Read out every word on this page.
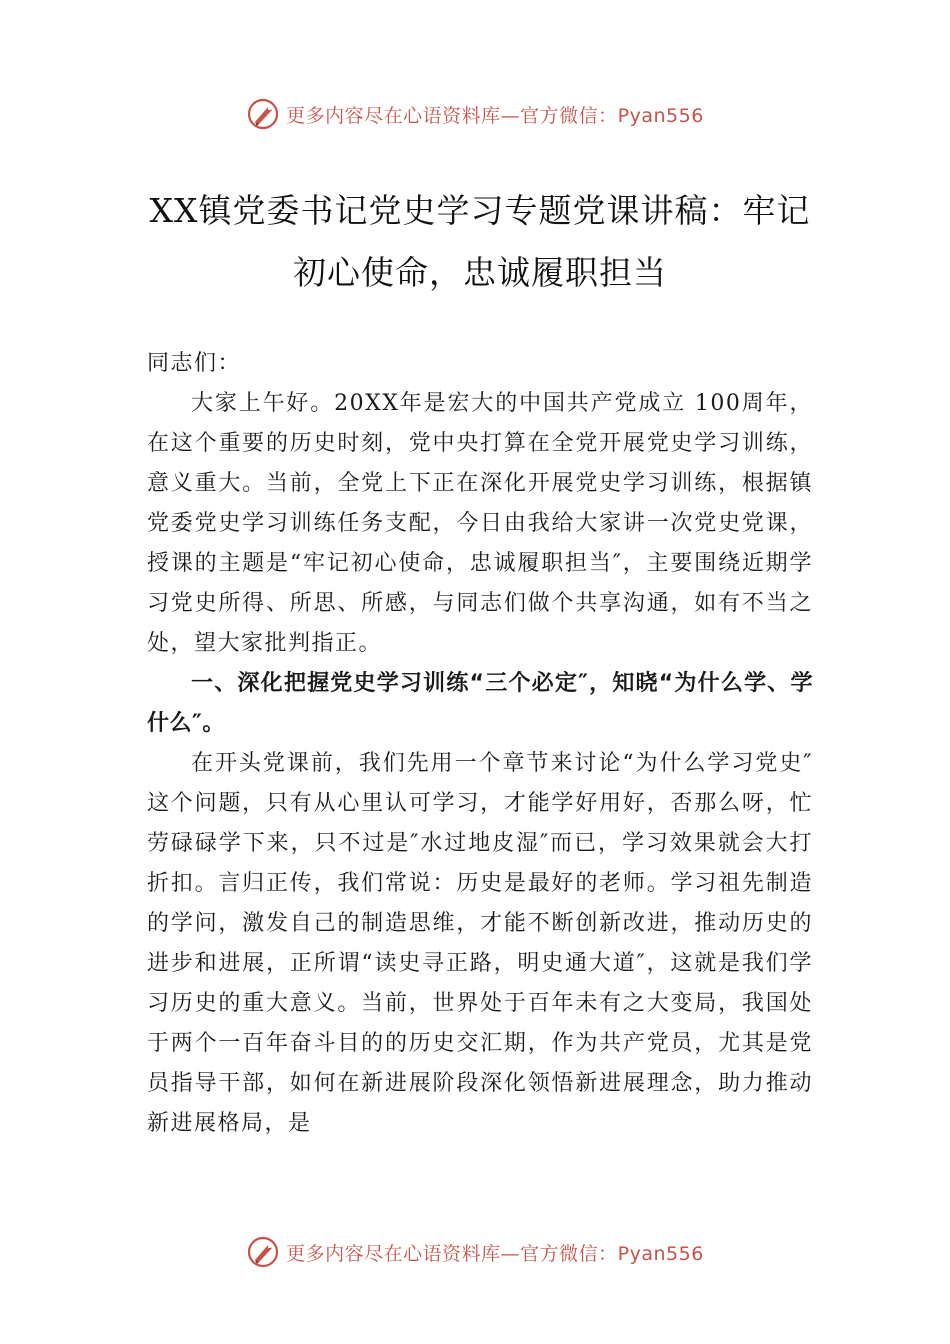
更多内容尽在心语资料库—官方微信：Pyan556
XX镇党委书记党史学习专题党课讲稿：牢记初心使命，忠诚履职担当

同志们：

大家上午好。20XX年是宏大的中国共产党成立 100周年，在这个重要的历史时刻，党中央打算在全党开展党史学习训练，意义重大。当前，全党上下正在深化开展党史学习训练，根据镇党委党史学习训练任务支配，今日由我给大家讲一次党史党课，授课的主题是“牢记初心使命，忠诚履职担当″，主要围绕近期学习党史所得、所思、所感，与同志们做个共享沟通，如有不当之处，望大家批判指正。

一、深化把握党史学习训练“三个必定″，知晓“为什么学、学什么″。

在开头党课前，我们先用一个章节来讨论“为什么学习党史″这个问题，只有从心里认可学习，才能学好用好，否那么呀，忙劳碌碌学下来，只不过是″水过地皮湿″而已，学习效果就会大打折扣。言归正传，我们常说：历史是最好的老师。学习祖先制造的学问，激发自己的制造思维，才能不断创新改进，推动历史的进步和进展，正所谓“读史寻正路，明史通大道″，这就是我们学习历史的重大意义。当前，世界处于百年未有之大变局，我国处于两个一百年奋斗目的的历史交汇期，作为共产党员，尤其是党员指导干部，如何在新进展阶段深化领悟新进展理念，助力推动新进展格局，是

更多内容尽在心语资料库—官方微信：Pyan556
